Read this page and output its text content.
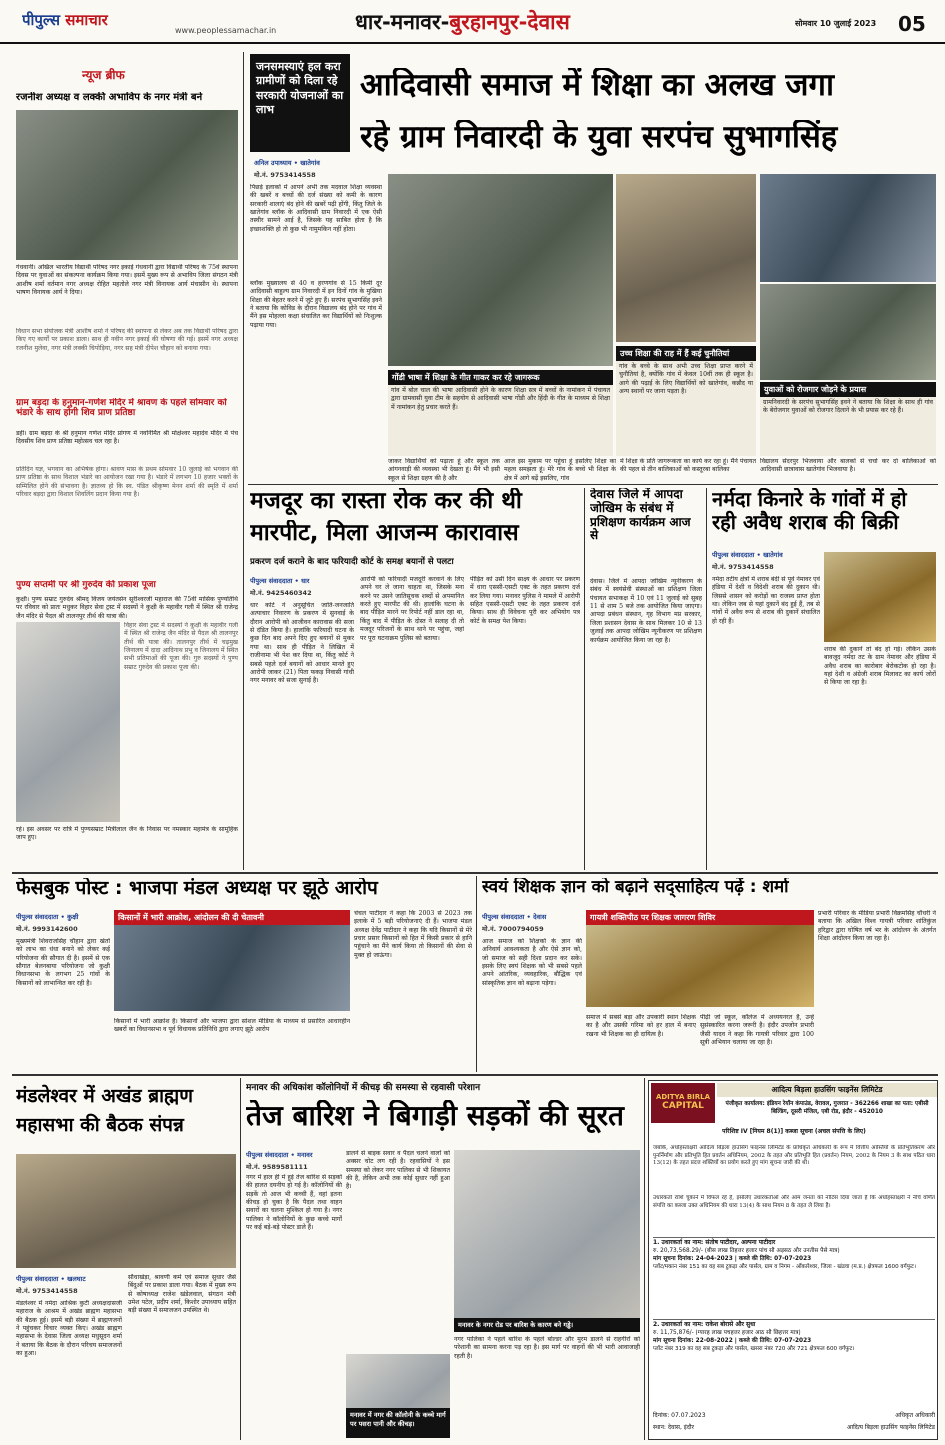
पीपुल्स समाचार
www.peoplessamachar.in	धार-मनावर-बुरहानपुर-देवास	सोमवार 10 जुलाई 2023	05
न्यूज ब्रीफ
रजनीश अध्यक्ष व लक्की अभाविप के नगर मंत्री बने
गंधवानी। अखिल भारतीय विद्यार्थी परिषद नगर इकाई गंधवानी द्वारा विद्यार्थी परिषद के 75वें स्थापना दिवस पर युवाओं का संकल्पना कार्यक्रम किया गया। इसमें मुख्य रूप से अभाविप जिला संगठन मंत्री आशीष शर्मा वर्तमान नगर अध्यक्ष रोहित महतोले नगर मंत्री विनायक आर्य मंचासीन थे। स्थापना भाषण विनायक आर्य ने दिया।
विधान सभा संयोजक मंत्री आशीष शर्मा ने परिषद की स्थापना से लेकर अब तक विद्यार्थी परिषद द्वारा किए गए कार्यों पर प्रकाश डाला। साथ ही नवीन नगर इकाई की घोषणा की गई। इसमें नगर अध्यक्ष रजनीश मुलेवा, नगर मंत्री लक्की चिपोड़िया, नगर सह मंत्री दीपेश चौहान को बनाया गया।
ग्राम बड़दा के हनुमान-गणेश मंदिर में श्रावण के पहले सोमवार को भंडारे के साथ होगी शिव प्राण प्रतिष्ठा
डही। ग्राम बड़दा के श्री हनुमान गणेश मंदिर प्रांगण में नवनिर्मित श्री मोक्षेश्वर महादेव मंदिर में पंच दिवसीय शिव प्राण प्रतिष्ठा महोत्सव चल रहा है।
प्रतिदिन यज्ञ, भगवान का अभिषेक होगा। श्रावण मास के प्रथम सोमवार 10 जुलाई को भगवान की प्राण प्रतिष्ठा के साथ विशाल भंडारे का आयोजन रखा गया है। भंडारे में लगभग 10 हजार भक्तों के सम्मिलित होने की संभावना है। ज्ञातव्य हो कि स्व. पंडित श्रीकृष्ण मेनन शर्मा की स्मृति में शर्मा परिवार बड़दा द्वारा विशाल शिवलिंग प्रदान किया गया है।
पुण्य सप्तमी पर श्री गुरुदेव की प्रकाश पूजा
कुक्षी। पुण्य सम्राट गुरुदेव श्रीमद् विजय जयंतसेन सूरीश्वरजी महाराज की 75वीं मासिक पुण्यतिथि पर रविवार को प्रातः मधुकर विहार सेवा ट्रस्ट में सदस्यों ने कुक्षी के महावीर गली में स्थित श्री राजेन्द्र जैन मंदिर से पैदल श्री तालनपुर तीर्थ की यात्रा की।
विहार सेवा ट्रस्ट में सदस्यों ने कुक्षी के महावीर गली में स्थित श्री राजेन्द्र जैन मंदिर से पैदल श्री तालनपुर तीर्थ की यात्रा की। तालनपुर तीर्थ में चढ़मुख जिनालय में दादा आदिनाथ प्रभु व जिनालय में स्थित सभी प्रतिमाओं की पूजा की। गुरु सदस्यों ने पुण्य सम्राट गुरुदेव की प्रकाश पूजा की।
रहे। इस अवसर पर रात्रि में पुण्यसम्राट मित्रीलाल जैन के निवास पर नमस्कार महामंत्र के सामूहिक जाप हुए।
जनसमस्याएं हल करा ग्रामीणों को दिला रहे सरकारी योजनाओं का लाभ
आदिवासी समाज में शिक्षा का अलख जगा
रहे ग्राम निवारदी के युवा सरपंच सुभागसिंह
अनिल उपाध्याय • खातेगांव
मो.नं. 9753414558
पिछड़े इलाकों में आपने अभी तक मदवाल शिक्षा व्यवस्था की खबरें व बच्चों की दर्ज संख्या को कमी के कारण सरकारी शालाएं बंद होने की खबरें पढ़ी होंगी, किंतु जिले के खातेगांव ब्लॉक के आदिवासी ग्राम निवारदी में एक ऐसी तस्वीर सामने आई है, जिसके यह साबित होता है कि इच्छाशक्ति हो तो कुछ भी नामुमकिन नहीं होता।
ब्लॉक मुख्यालय से 40 व हरणगांव से 15 किमी दूर आदिवासी बाहुल्य ग्राम निवारदी में इन दिनों गांव के मुखिया शिक्षा की बेहतर करने में जुटे हुए हैं। सरपंच सुभागसिंह इवने ने बताया कि कोविड के दौरान विद्यालय बंद होने पर गांव में मैंने इस मोहल्ला कक्षा संचालित कर विद्यार्थियों को निःशुल्क पढ़ाया गया।
गोंडी भाषा में शिक्षा के गीत गाकर कर रहे जागरूक
गांव में बोल चाल की भाषा आदिवासी होने के कारण शिक्षा सत्र में बच्चों के नामांकन में पंचायत द्वारा ग्रामवासी युवा टीम के सहयोग से आदिवासी भाषा गोंडी और हिंदी के गीत के माध्यम से शिक्षा में नामांकन हेतु प्रचार करते हैं।
उच्च शिक्षा की राह में हैं कई चुनौतियां
गांव के बच्चे के साथ अभी उच्च शिक्षा प्राप्त करने में चुनौतियां है, क्योंकि गांव में केवल 10वीं तक ही स्कूल है। आगे की पढ़ाई के लिए विद्यार्थियों को खातेगांव, कन्नौद या अन्य स्थानों पर जाना पड़ता है।	युवाओं को रोजगार जोड़ने के प्रयास
ग्रामनिवारदी के सरपंच सुभागसिंह इवने ने बताया कि शिक्षा के साथ ही गांव के बेरोजगार युवाओं को रोजगार दिलाने के भी प्रयास कर रहे हैं।
जाकर विद्यार्थियों को पढ़ाता हूं और स्कूल तक आंगनवाड़ी की व्यवस्था भी देखता हूं। मैंने भी इसी स्कूल से शिक्षा ग्रहण की है और
आज इस मुकाम पर पहुंचा हूं इसलिए शिक्षा का महत्व समझता हूं। मेरे गांव के बच्चे भी शिक्षा के क्षेत्र में आगे बढ़ें इसलिए, गांव
में शिक्षा के प्रति जागरूकता का कार्य कर रहा हूं। मैंने पंचायत की पहल से तीन बालिकाओं को कस्तूरबा बालिका
विद्यालय सेंदरपुर भिजवाया और बालकों से चर्चा कर दो बालिकाओं को आदिवासी छात्रावास खातेगांव भिजवाया है।
मजदूर का रास्ता रोक कर की थी
मारपीट, मिला आजन्म कारावास
प्रकरण दर्ज कराने के बाद फरियादी कोर्ट के समक्ष बयानों से पलटा
पीपुल्स संवाददाता • धार
मो.नं. 9425460342
धार कोर्ट ने अनुसूचित जाति-जनजाति अत्याचार निवारण के प्रकरण में सुनवाई के दौरान आरोपी को आजीवन कारावास की सजा से दंडित किया है। हालांकि फरियादी घटना के कुछ दिन बाद अपने दिए हुए बयानों से मुकर गया था। साथ ही पीड़ित ने लिखित में राजीनामा भी पेश कर दिया था, किंतु कोर्ट ने सबसे पहले दर्ज बयानों को आधार मानते हुए आरोपी जाकर (21) पिता फकड़ निवासी गांधी नगर मनावर को सजा सुनाई है।
आरोपी को फरियादी मजदूरी करवाने के लिए अपने घर ले जाना चाहता था, जिसके मना करने पर उसने जातिसूचक शब्दों से अपमानित करते हुए मारपीट की थी। हालांकि घटना के बाद पीड़ित मारने पर रिपोर्ट नहीं डाल रहा था, किंतु बाद में पीड़ित के दोस्त ने सलाह दी तो मजदूर परिजनों के साथ थाने पर पहुंचा, जहां पर पूरा घटनाक्रम पुलिस को बताया।
पीड़ित को उसी दिन साक्ष्य के आधार पर प्रकरण में धारा एससी-एसटी एक्ट के तहत प्रकरण दर्ज कर लिया गया। मनावर पुलिस ने मामले में आरोपी सहित एससी-एसटी एक्ट के तहत प्रकरण दर्ज किया। साथ ही विवेचना पूरी कर अभियोग पत्र कोर्ट के समक्ष पेश किया।
देवास जिले में आपदा जोखिम के संबंध में प्रशिक्षण कार्यक्रम आज से
देवास। जिले में आपदा जोखिम न्यूनीकरण के संबंध में स्वयंसेवी संस्थाओं का प्रशिक्षण जिला पंचायत सभाकक्ष में 10 एवं 11 जुलाई को सुबह 11 से शाम 5 बजे तक आयोजित किया जाएगा। आपदा प्रबंधन संस्थान, गृह विभाग मप्र सरकार, जिला प्रशासन देवास के साथ मिलकर 10 से 13 जुलाई तक आपदा जोखिम न्यूनीकरण पर प्रशिक्षण कार्यक्रम आयोजित किया जा रहा है।
नर्मदा किनारे के गांवों में हो रही अवैध शराब की बिक्री
पीपुल्स संवाददाता • खातेगांव
मो.नं. 9753414558
नर्मदा तटीय क्षेत्रों में शराब बंदी से पूर्व नेमावर एवं हंडिया में देशी व विदेशी शराब की दुकान थी। जिससे शासन को करोड़ों का राजस्व प्राप्त होता था। लेकिन जब से यहां दुकानें बंद हुई हैं, तब से गांवों में अवैध रूप से शराब की दुकानें संचालित हो रही हैं।
शराब की दुकानें तो बंद हो गई। लेकिन उसके बावजूद नर्मदा तट के ग्राम नेमावर और हंडिया में अवैध शराब का कारोबार बेरोकटोक हो रहा है। यहां देशी व अंग्रेजी शराब मिलावट का कार्य जोरों से किया जा रहा है।
फेसबुक पोस्ट : भाजपा मंडल अध्यक्ष पर झूठे आरोप
पीपुल्स संवाददाता • कुक्षी
मो.नं. 9993142600
मुख्यमंत्री शिवराजसिंह चौहान द्वारा खेतों को लाभ का धंधा बनाने को लेकर कई परियोजना की सौगात दी है। इसमें से एक सौगात बेलनबाया परियोजना जो कुक्षी विधानसभा के लगभग 25 गांवों के किसानों को लाभान्वित कर रही है।
किसानों में भारी आक्रोश, आंदोलन की दी चेतावनी
किसानों में भारी आक्रोश है। किसानों और भाजपा द्वारा सोशल मीडिया के माध्यम से प्रसारित आधारहीन खबरों का विधानसभा व पूर्व विधायक प्रतिनिधि द्वारा लगाए झूठे आरोप
चंचल पाटीदार ने कहा कि 2003 से 2023 तक इलाके में 5 बड़ी परियोजनाएं दी हैं। भाजपा मंडल अध्यक्ष देवेंद्र पाटीदार ने कहा कि यदि किसानों से मेरे प्रचार प्रसार किसानों को हित में किसी प्रकार से हानि पहुंचाने का मैंने कार्य किया तो किसानों की सेवा से मुक्त हो जाऊंगा।
स्वयं शिक्षक ज्ञान को बढ़ाने सद्साहित्य पढ़ें : शर्मा
पीपुल्स संवाददाता • देवास
मो.नं. 7000794059
आज समाज को शिक्षकों के ज्ञान की अनिवार्य आवश्यकता है और ऐसे ज्ञान को, जो समाज को सही दिशा प्रदान कर सके। इसके लिए स्वयं शिक्षक को भी सबसे पहले अपने आंतरिक, व्यवहारिक, बौद्धिक एवं सांस्कृतिक ज्ञान को बढ़ाना पड़ेगा।
गायत्री शक्तिपीठ पर शिक्षक जागरण शिविर
समाज में सबसे बड़ा और उपकारी स्थान शिक्षक का है और उसकी गरिमा को हर हाल में बनाए रखना भी शिक्षक का ही दायित्व है।
पीढ़ी जो स्कूल, कॉलेज में अध्ययनरत है, उन्हें सुसंस्कारित करना जरूरी है। इंदौर उपजोन प्रभारी जैसी यादव ने कहा कि गायत्री परिवार द्वारा 100 सूत्री अभियान चलाया जा रहा है।
प्रभारी परिवार के मीडिया प्रभारी विक्रमसिंह चौधरी ने बताया कि अखिल विश्व गायत्री परिवार शांतिकुंज हरिद्वार द्वारा घोषित वर्ष भर के आंदोलन के अंतर्गत शिक्षा आंदोलन किया जा रहा है।
मंडलेश्वर में अखंड ब्राह्मण महासभा की बैठक संपन्न
पीपुल्स संवाददाता • खलघाट
मो.नं. 9753414558
मंडलेश्वर में नर्मदा आश्रिक कुटी अध्यक्षदासजी महाराज के आश्रम में अखंड ब्राह्मण महासभा की बैठक हुई। इसमें बड़ी संख्या में ब्राह्मणजनों ने पहुंचकर विचार व्यक्त किए। अखंड ब्राह्मण महासभा के देवास जिला अध्यक्ष मधुसूदन शर्मा ने बताया कि बैठक के दौरान परिचय समाजजनों का हुआ।
सौधाखेड़ा, श्रावणी कर्म एवं समाज सुधार जैसे बिंदुओं पर प्रकाश डाला गया। बैठक में मुख्य रूप से कोषाध्यक्ष राजेश खंडेलवाल, संगठन मंत्री उमेश पटेल, प्रदीप शर्मा, किशोर उपाध्याय सहित बड़ी संख्या में समाजजन उपस्थित थे।
मनावर की अधिकांश कॉलोनियों में कीचड़ की समस्या से रहवासी परेशान
तेज बारिश ने बिगाड़ी सड़कों की सूरत
पीपुल्स संवाददाता • मनावर
मो.नं. 9589581111
नगर में हाल ही में हुई तेज बारिश से सड़कों की हालत दयनीय हो गई है। कॉलोनियों की सड़कें तो आज भी कच्ची हैं, वहां इतना कीचड़ हो चुका है कि पैदल तथा वाहन सवारों का चलना मुश्किल हो गया है। नगर पालिका ने कॉलोनियों के कुछ कच्चे मार्गों पर कई बड़े-बड़े पोस्टर डाले हैं।
डालने से बाइक सवार व पैदल चलने वालों को अक्सर चोट लग रही है। रहवासियों ने इस समस्या को लेकर नगर पालिका से भी शिकायत की है, लेकिन अभी तक कोई सुधार नहीं हुआ है।
मनावर में नगर की कॉलोनी के कच्चे मार्ग पर पसरा पानी और कीचड़।
मनावर के नगर रोड पर बारिश के कारण बने गड्ढे।
नगर पालिका ने पहले बारिश के पहले बोल्डर और मुरम डालने से राहगीरों को परेशानी का सामना करना पड़ रहा है। इस मार्ग पर वाहनों की भी भारी आवाजाही रहती है।
ADITYA BIRLA
CAPITAL
आदित्य बिड़ला हाउसिंग फाइनेंस लिमिटेड
पंजीकृत कार्यालय: इंडियन रेयॉन कंपाउंड, वेरावल, गुजरात - 362266 शाखा का पता: एबीसी बिल्डिंग, दूसरी मंजिल, एबी रोड, इंदौर - 452010
परिशिष्ट IV [नियम 8(1)] कब्जा सूचना (अचल संपत्ति के लिए)
जबकि, अधोहस्ताक्षरी आदित्य बिड़ला हाउसिंग फाइनेंस लिमिटेड के प्राधिकृत अधिकारी के रूप में वित्तीय आस्तियों के प्रतिभूतिकरण और पुनर्निर्माण और प्रतिभूति हित प्रवर्तन अधिनियम, 2002 के तहत और प्रतिभूति हित (प्रवर्तन) नियम, 2002 के नियम 3 के साथ पठित धारा 13(12) के तहत प्रदत्त शक्तियों का प्रयोग करते हुए मांग सूचना जारी की थी।
उधारकर्ता राशि चुकाने में विफल रहे हैं, इसलिए उधारकर्ताओं और आम जनता को नोटिस दिया जाता है कि अधोहस्ताक्षरी ने नीचे वर्णित संपत्ति का कब्जा उक्त अधिनियम की धारा 13(4) के साथ नियम 8 के तहत ले लिया है।
1. उधारकर्ता का नाम: संतोष पाटीदार, अल्पना पाटीदार
रु. 20,73,568.29/- (बीस लाख तिहत्तर हजार पांच सौ अड़सठ और उनतीस पैसे मात्र)
मांग सूचना दिनांक: 24-04-2023 | कब्जे की तिथि: 07-07-2023
प्लॉट/मकान नंबर 151 का वह सब टुकड़ा और पार्सल, ग्राम व निगम - ओंकारेश्वर, जिला - खंडवा (म.प्र.) क्षेत्रफल 1600 वर्गफुट।
2. उधारकर्ता का नाम: राकेश बोरासे और सुधा
रु. 11,75,876/- (ग्यारह लाख पचहत्तर हजार आठ सौ छिहत्तर मात्र)
मांग सूचना दिनांक: 22-08-2022 | कब्जे की तिथि: 07-07-2023
प्लॉट नंबर 319 का वह सब टुकड़ा और पार्सल, खसरा नंबर 720 और 721 क्षेत्रफल 600 वर्गफुट।
दिनांक: 07.07.2023
स्थान: देवास, इंदौर
अधिकृत अधिकारी
आदित्य बिड़ला हाउसिंग फाइनेंस लिमिटेड
